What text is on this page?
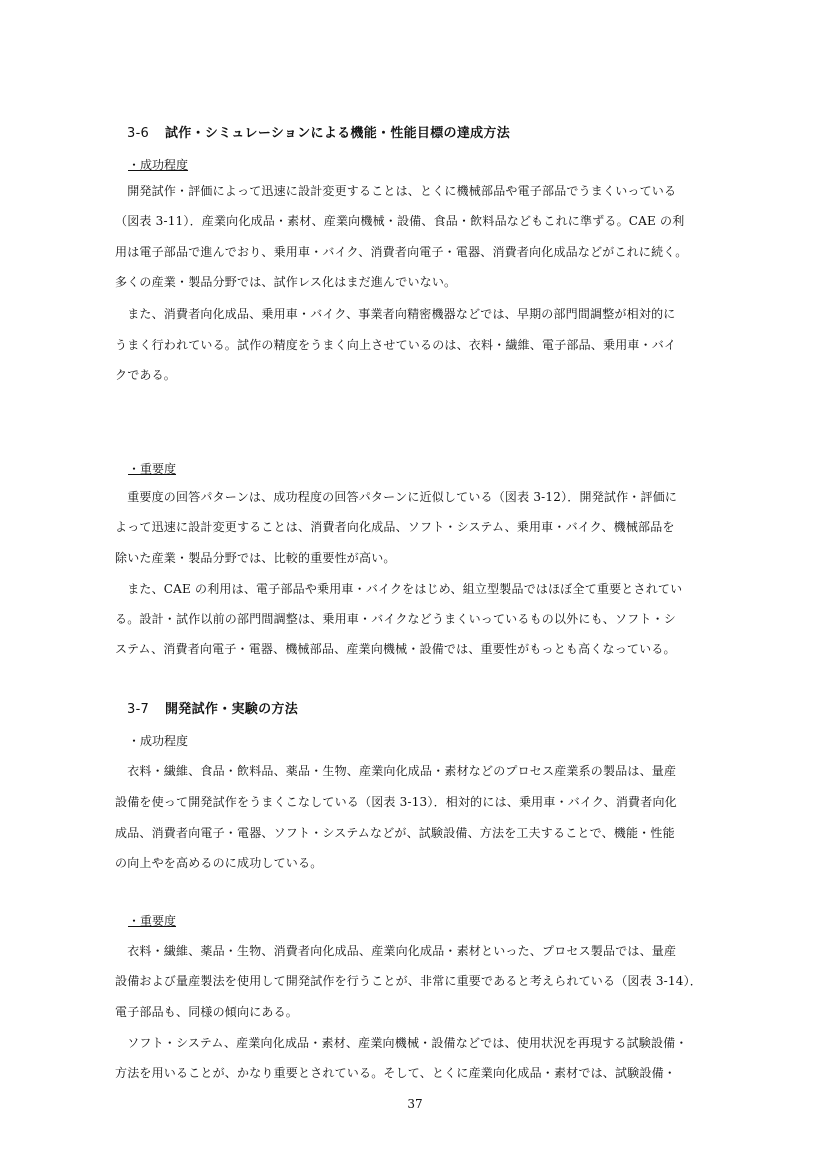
3-6 試作・シミュレーションによる機能・性能目標の達成方法
・成功程度
　開発試作・評価によって迅速に設計変更することは、とくに機械部品や電子部品でうまくいっている
（図表 3-11）．産業向化成品・素材、産業向機械・設備、食品・飲料品などもこれに準ずる。CAE の利
用は電子部品で進んでおり、乗用車・バイク、消費者向電子・電器、消費者向化成品などがこれに続く。
多くの産業・製品分野では、試作レス化はまだ進んでいない。
　また、消費者向化成品、乗用車・バイク、事業者向精密機器などでは、早期の部門間調整が相対的に
うまく行われている。試作の精度をうまく向上させているのは、衣料・繊維、電子部品、乗用車・バイ
クである。
・重要度
　重要度の回答パターンは、成功程度の回答パターンに近似している（図表 3-12）．開発試作・評価に
よって迅速に設計変更することは、消費者向化成品、ソフト・システム、乗用車・バイク、機械部品を
除いた産業・製品分野では、比較的重要性が高い。
　また、CAE の利用は、電子部品や乗用車・バイクをはじめ、組立型製品ではほぼ全て重要とされてい
る。設計・試作以前の部門間調整は、乗用車・バイクなどうまくいっているもの以外にも、ソフト・シ
ステム、消費者向電子・電器、機械部品、産業向機械・設備では、重要性がもっとも高くなっている。
3-7 開発試作・実験の方法
・成功程度
　衣料・繊維、食品・飲料品、薬品・生物、産業向化成品・素材などのプロセス産業系の製品は、量産
設備を使って開発試作をうまくこなしている（図表 3-13）．相対的には、乗用車・バイク、消費者向化
成品、消費者向電子・電器、ソフト・システムなどが、試験設備、方法を工夫することで、機能・性能
の向上やを高めるのに成功している。
・重要度
　衣料・繊維、薬品・生物、消費者向化成品、産業向化成品・素材といった、プロセス製品では、量産
設備および量産製法を使用して開発試作を行うことが、非常に重要であると考えられている（図表 3-14）．
電子部品も、同様の傾向にある。
　ソフト・システム、産業向化成品・素材、産業向機械・設備などでは、使用状況を再現する試験設備・
方法を用いることが、かなり重要とされている。そして、とくに産業向化成品・素材では、試験設備・
37
